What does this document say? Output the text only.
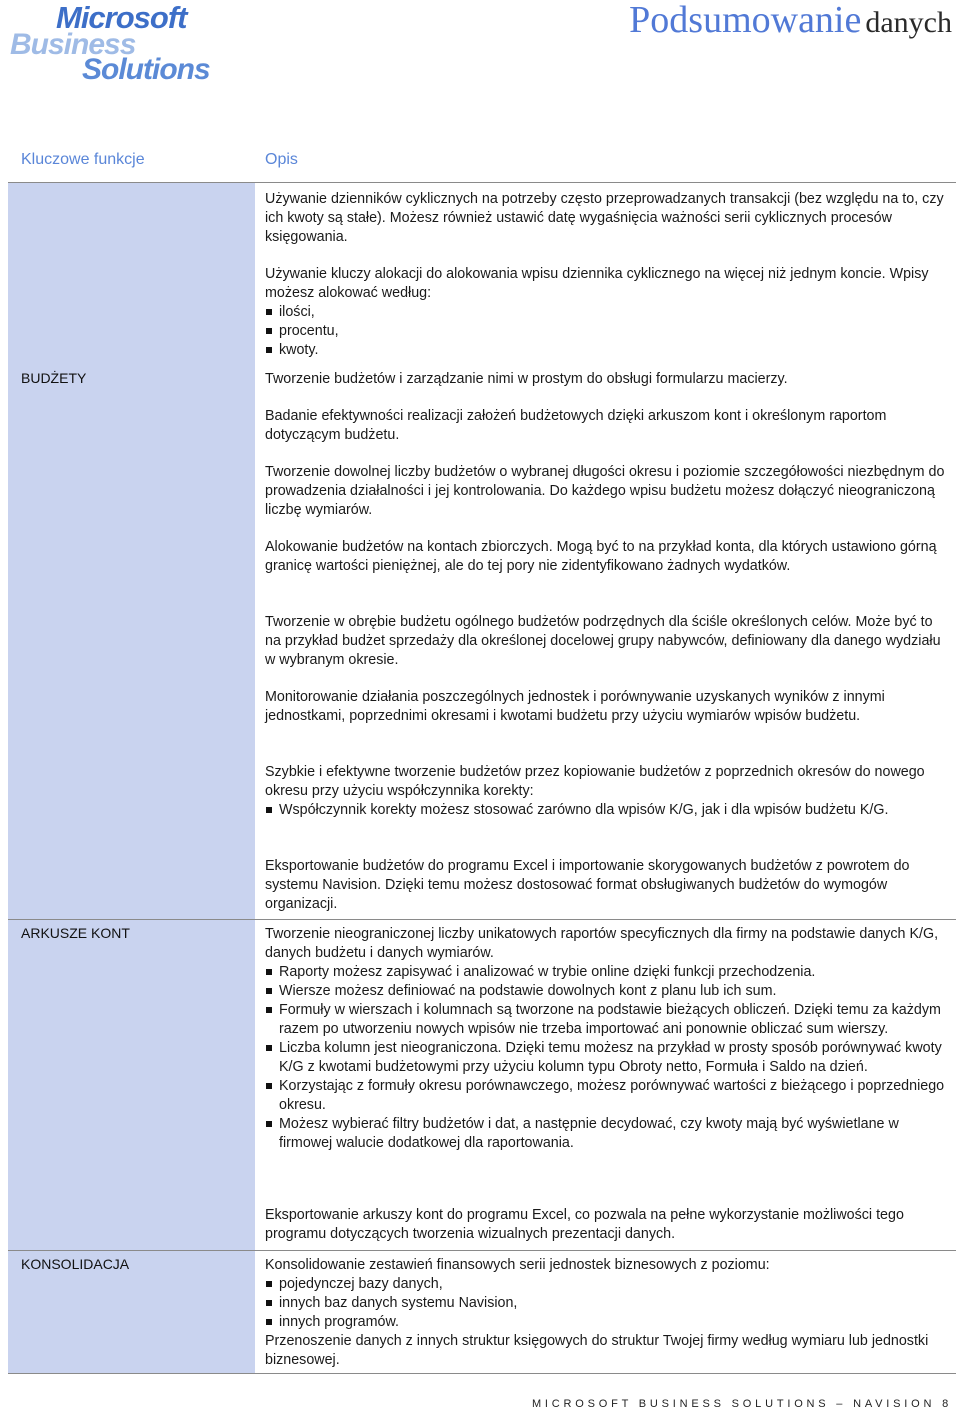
Microsoft
Business
Solutions
Podsumowanie danych
Kluczowe funkcje	Opis
BUDŻETY
ARKUSZE KONT
KONSOLIDACJA

Używanie dzienników cyklicznych na potrzeby często przeprowadzanych transakcji (bez względu na to, czy ich kwoty są stałe). Możesz również ustawić datę wygaśnięcia ważności serii cyklicznych procesów księgowania.

Używanie kluczy alokacji do alokowania wpisu dziennika cyklicznego na więcej niż jednym koncie. Wpisy możesz alokować według:

ilości,
procentu,
kwoty.

Tworzenie budżetów i zarządzanie nimi w prostym do obsługi formularzu macierzy.

Badanie efektywności realizacji założeń budżetowych dzięki arkuszom kont i określonym raportom dotyczącym budżetu.

Tworzenie dowolnej liczby budżetów o wybranej długości okresu i poziomie szczegółowości niezbędnym do prowadzenia działalności i jej kontrolowania. Do każdego wpisu budżetu możesz dołączyć nieograniczoną liczbę wymiarów.

Alokowanie budżetów na kontach zbiorczych. Mogą być to na przykład konta, dla których ustawiono górną granicę wartości pieniężnej, ale do tej pory nie zidentyfikowano żadnych wydatków.

Tworzenie w obrębie budżetu ogólnego budżetów podrzędnych dla ściśle określonych celów. Może być to na przykład budżet sprzedaży dla określonej docelowej grupy nabywców, definiowany dla danego wydziału w wybranym okresie.

Monitorowanie działania poszczególnych jednostek i porównywanie uzyskanych wyników z innymi jednostkami, poprzednimi okresami i kwotami budżetu przy użyciu wymiarów wpisów budżetu.

Szybkie i efektywne tworzenie budżetów przez kopiowanie budżetów z poprzednich okresów do nowego okresu przy użyciu współczynnika korekty:

Współczynnik korekty możesz stosować zarówno dla wpisów K/G, jak i dla wpisów budżetu K/G.

Eksportowanie budżetów do programu Excel i importowanie skorygowanych budżetów z powrotem do systemu Navision. Dzięki temu możesz dostosować format obsługiwanych budżetów do wymogów organizacji.

Tworzenie nieograniczonej liczby unikatowych raportów specyficznych dla firmy na podstawie danych K/G, danych budżetu i danych wymiarów.

Raporty możesz zapisywać i analizować w trybie online dzięki funkcji przechodzenia.
Wiersze możesz definiować na podstawie dowolnych kont z planu lub ich sum.
Formuły w wierszach i kolumnach są tworzone na podstawie bieżących obliczeń. Dzięki temu za każdym razem po utworzeniu nowych wpisów nie trzeba importować ani ponownie obliczać sum wierszy.
Liczba kolumn jest nieograniczona. Dzięki temu możesz na przykład w prosty sposób porównywać kwoty K/G z kwotami budżetowymi przy użyciu kolumn typu Obroty netto, Formuła i Saldo na dzień.
Korzystając z formuły okresu porównawczego, możesz porównywać wartości z bieżącego i poprzedniego okresu.
Możesz wybierać filtry budżetów i dat, a następnie decydować, czy kwoty mają być wyświetlane w firmowej walucie dodatkowej dla raportowania.

Eksportowanie arkuszy kont do programu Excel, co pozwala na pełne wykorzystanie możliwości tego programu dotyczących tworzenia wizualnych prezentacji danych.

Konsolidowanie zestawień finansowych serii jednostek biznesowych z poziomu:

pojedynczej bazy danych,
innych baz danych systemu Navision,
innych programów.

Przenoszenie danych z innych struktur księgowych do struktur Twojej firmy według wymiaru lub jednostki biznesowej.

MICROSOFT BUSINESS SOLUTIONS – NAVISION 8
